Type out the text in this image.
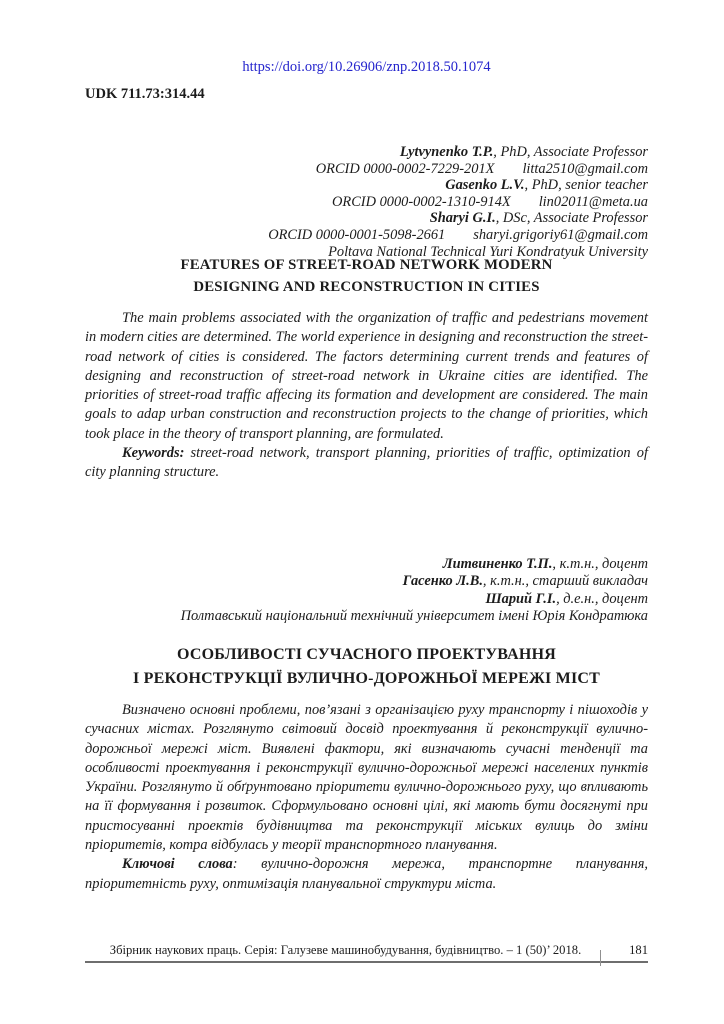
https://doi.org/10.26906/znp.2018.50.1074
UDK 711.73:314.44
Lytvynenko T.P., PhD, Associate Professor
ORCID 0000-0002-7229-201X litta2510@gmail.com
Gasenko L.V., PhD, senior teacher
ORCID 0000-0002-1310-914X lin02011@meta.ua
Sharyi G.I., DSc, Associate Professor
ORCID 0000-0001-5098-2661 sharyi.grigoriy61@gmail.com
Poltava National Technical Yuri Kondratyuk University
FEATURES OF STREET-ROAD NETWORK MODERN
DESIGNING AND RECONSTRUCTION IN CITIES

The main problems associated with the organization of traffic and pedestrians movement in modern cities are determined. The world experience in designing and reconstruction the street-road network of cities is considered. The factors determining current trends and features of designing and reconstruction of street-road network in Ukraine cities are identified. The priorities of street-road traffic affecing its formation and development are considered. The main goals to adap urban construction and reconstruction projects to the change of priorities, which took place in the theory of transport planning, are formulated.

Keywords: street-road network, transport planning, priorities of traffic, optimization of city planning structure.

Литвиненко Т.П., к.т.н., доцент
Гасенко Л.В., к.т.н., старший викладач
Шарий Г.І., д.е.н., доцент
Полтавський національний технічний університет імені Юрія Кондратюка
ОСОБЛИВОСТІ СУЧАСНОГО ПРОЕКТУВАННЯ
І РЕКОНСТРУКЦІЇ ВУЛИЧНО-ДОРОЖНЬОЇ МЕРЕЖІ МІСТ

Визначено основні проблеми, пов’язані з організацією руху транспорту і пішоходів у сучасних містах. Розглянуто світовий досвід проектування й реконструкції вулично-дорожньої мережі міст. Виявлені фактори, які визначають сучасні тенденції та особливості проектування і реконструкції вулично-дорожньої мережі населених пунктів України. Розглянуто й обґрунтовано пріоритети вулично-дорожнього руху, що впливають на її формування і розвиток. Сформульовано основні цілі, які мають бути досягнуті при пристосуванні проектів будівництва та реконструкції міських вулиць до зміни пріоритетів, котра відбулась у теорії транспортного планування.

Ключові слова: вулично-дорожня мережа, транспортне планування, пріоритетність руху, оптимізація планувальної структури міста.

Збірник наукових праць. Серія: Галузеве машинобудування, будівництво. – 1 (50)’ 2018.	181
